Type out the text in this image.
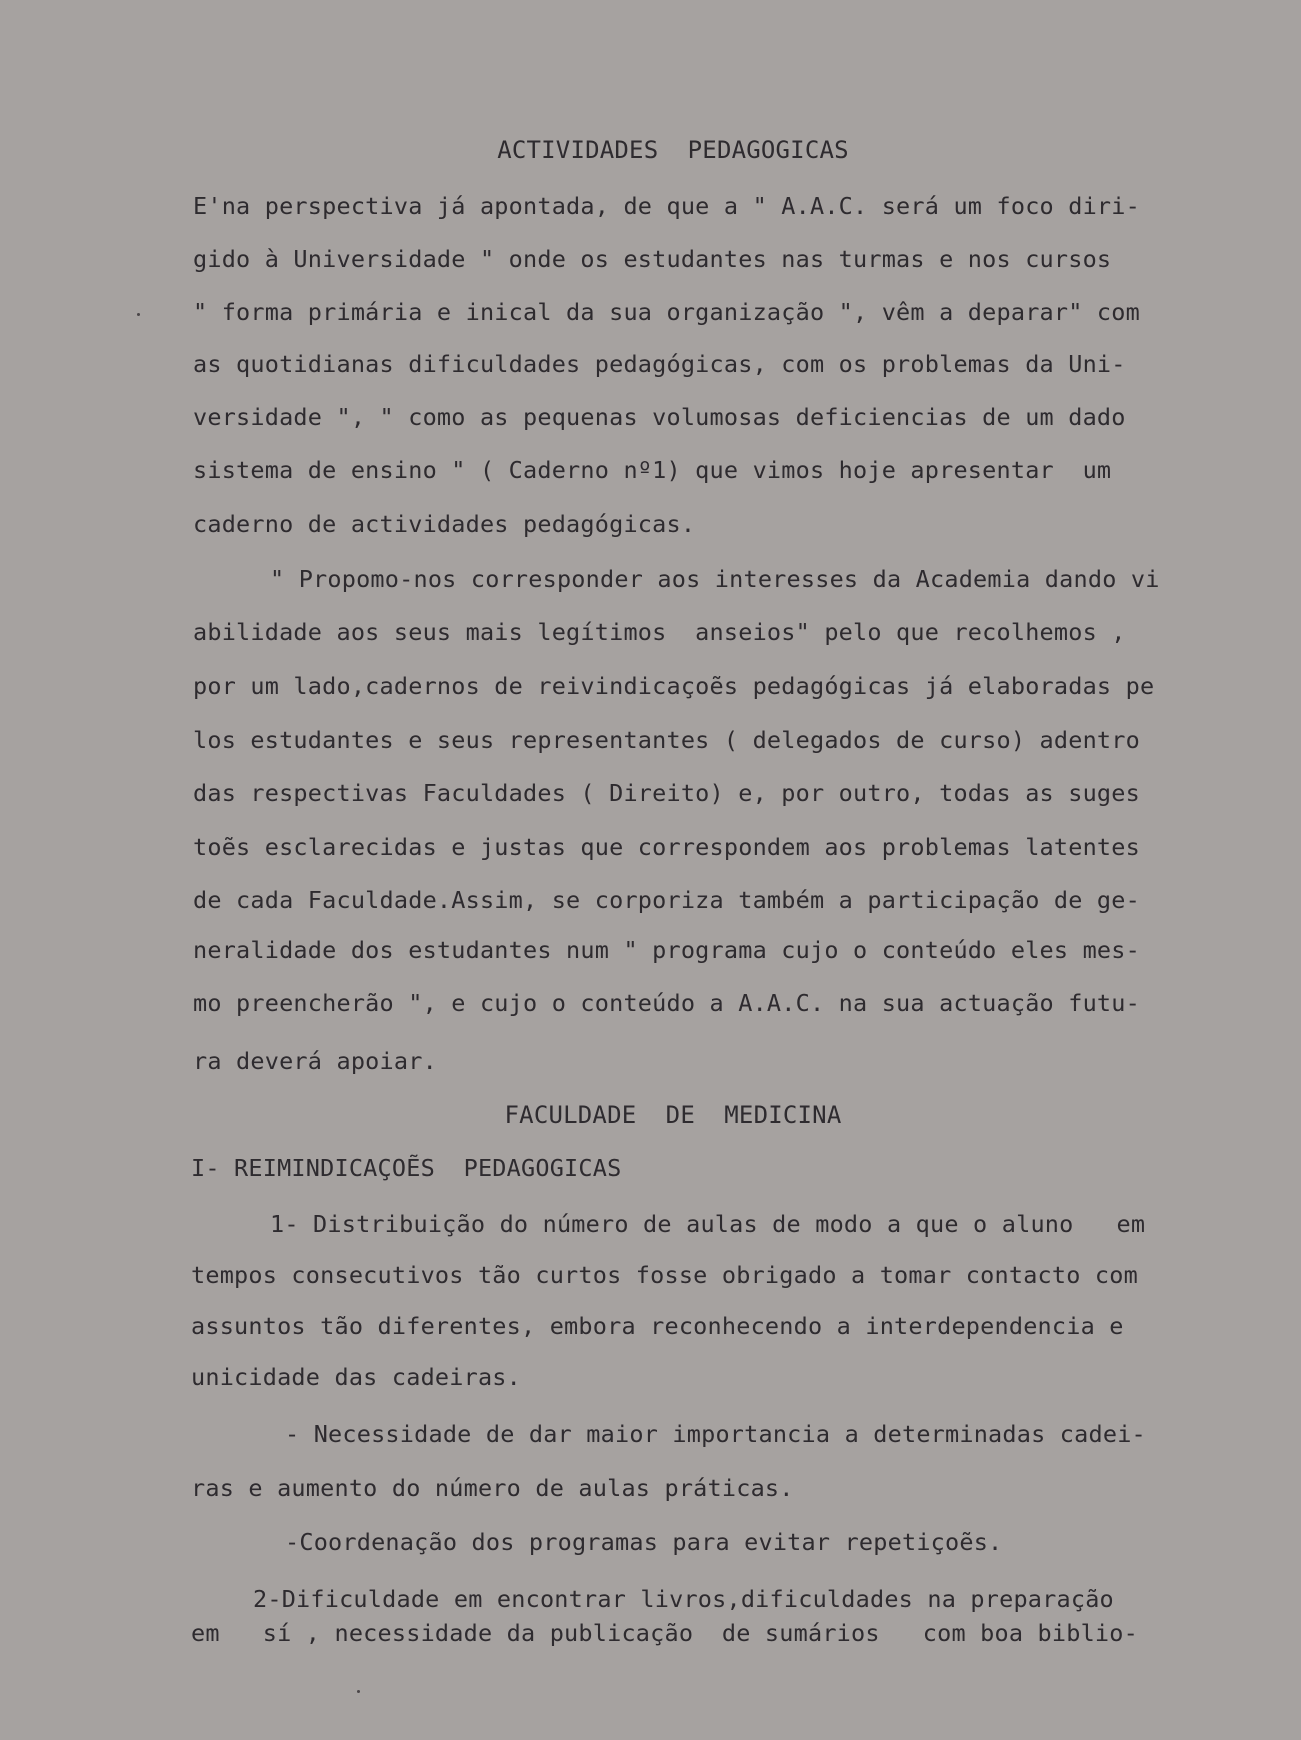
ACTIVIDADES  PEDAGOGICAS
E'na perspectiva já apontada, de que a " A.A.C. será um foco diri-
gido à Universidade " onde os estudantes nas turmas e nos cursos
" forma primária e inical da sua organização ", vêm a deparar" com
as quotidianas dificuldades pedagógicas, com os problemas da Uni-
versidade ", " como as pequenas volumosas deficiencias de um dado
sistema de ensino " ( Caderno nº1) que vimos hoje apresentar  um
caderno de actividades pedagógicas.
" Propomo-nos corresponder aos interesses da Academia dando vi
abilidade aos seus mais legítimos  anseios" pelo que recolhemos ,
por um lado,cadernos de reivindicaçoẽs pedagógicas já elaboradas pe
los estudantes e seus representantes ( delegados de curso) adentro
das respectivas Faculdades ( Direito) e, por outro, todas as suges
toẽs esclarecidas e justas que correspondem aos problemas latentes
de cada Faculdade.Assim, se corporiza também a participação de ge-
neralidade dos estudantes num " programa cujo o conteúdo eles mes-
mo preencherão ", e cujo o conteúdo a A.A.C. na sua actuação futu-
ra deverá apoiar.
FACULDADE  DE  MEDICINA
I- REIMINDICAÇOẼS  PEDAGOGICAS
1- Distribuição do número de aulas de modo a que o aluno   em
tempos consecutivos tão curtos fosse obrigado a tomar contacto com
assuntos tão diferentes, embora reconhecendo a interdependencia e
unicidade das cadeiras.
- Necessidade de dar maior importancia a determinadas cadei-
ras e aumento do número de aulas práticas.
-Coordenação dos programas para evitar repetiçoẽs.
2-Dificuldade em encontrar livros,dificuldades na preparação
em   sí , necessidade da publicação  de sumários   com boa biblio-
